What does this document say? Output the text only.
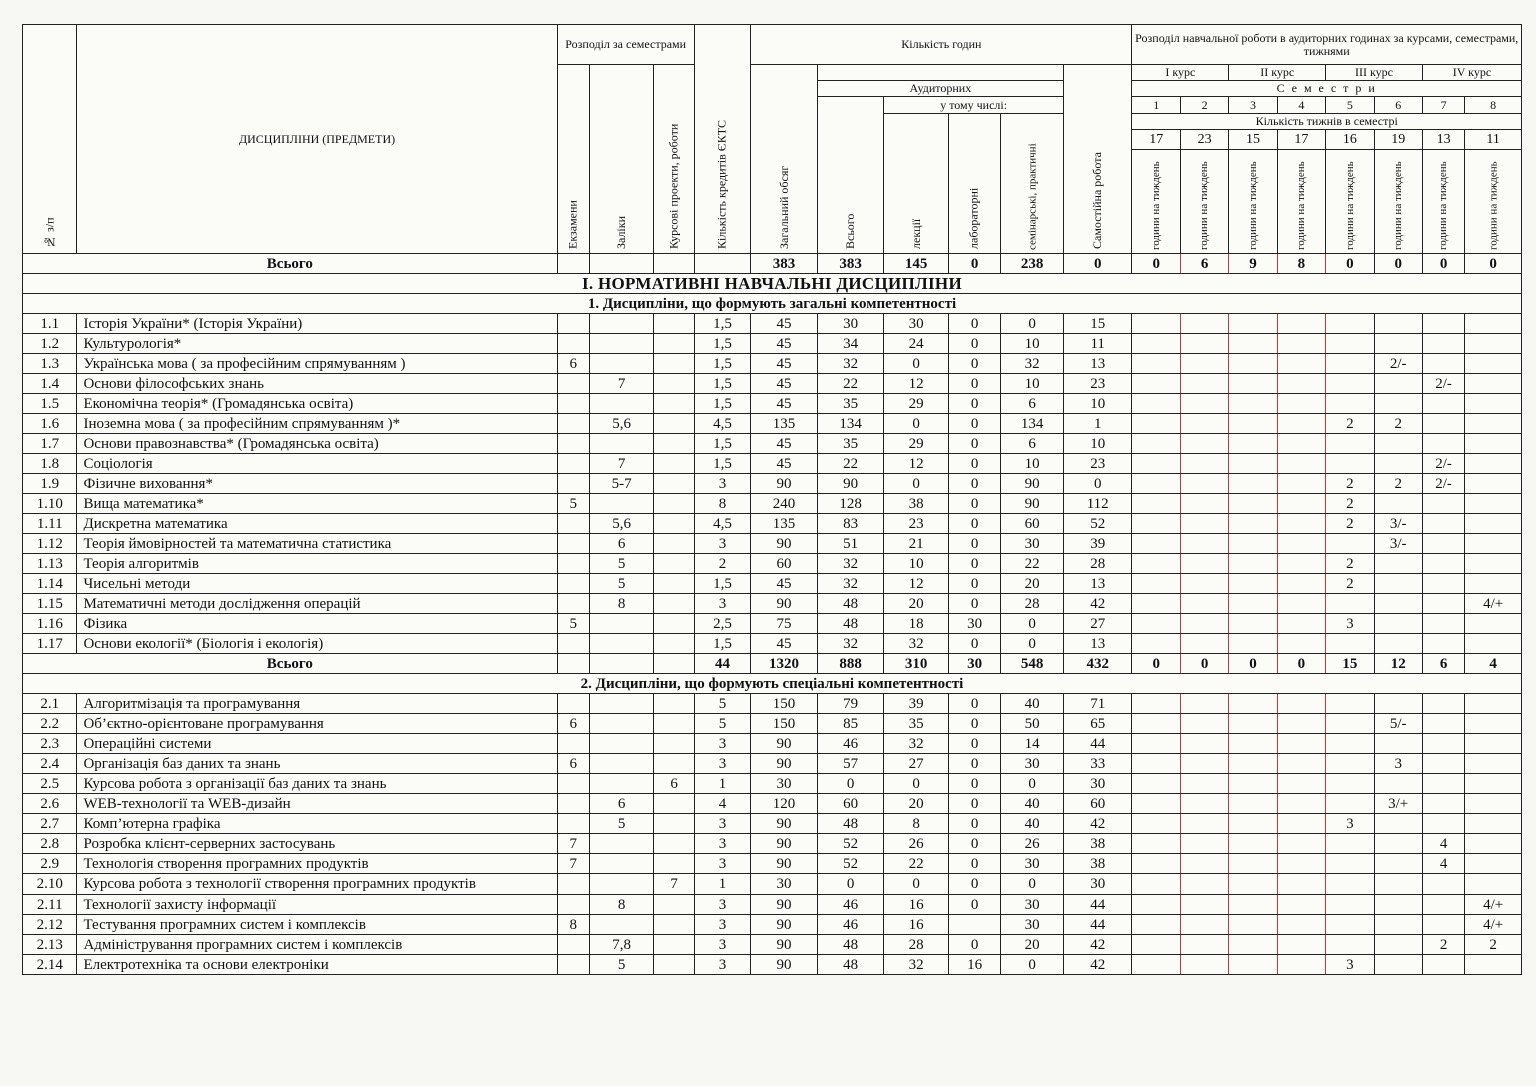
№ з/п	ДИСЦИПЛІНИ (ПРЕДМЕТИ)	Розподіл за семестрами			Кількість кредитів ЄКТС	Кількість годин						Розподіл навчальної роботи в аудиторних годинах за курсами, семестрами, тижнями							
		Екзамени	Заліки	Курсові проекти, роботи		Загальний обсяг					Самостійна робота	І курс		ІІ курс		ІІІ курс		IV курс	
							Аудиторних					С е м е с т р и							
							Всього	у тому числі:				1	2	3	4	5	6	7	8
								лекції	лабораторні	семінарські, практичні		Кількість тижнів в семестрі							
												17	23	15	17	16	19	13	11
												години на тиждень	години на тиждень	години на тиждень	години на тиждень	години на тиждень	години на тиждень	години на тиждень	години на тиждень
Всього						383	383	145	0	238	0	0	6	9	8	0	0	0	0
І. НОРМАТИВНІ НАВЧАЛЬНІ ДИСЦИПЛІНИ																			
1. Дисципліни, що формують загальні компетентності																			
1.1	Історія України* (Історія України)				1,5	45	30	30	0	0	15								
1.2	Культурологія*				1,5	45	34	24	0	10	11								
1.3	Українська мова ( за професійним спрямуванням )	6			1,5	45	32	0	0	32	13						2/-		
1.4	Основи філософських знань		7		1,5	45	22	12	0	10	23							2/-	
1.5	Економічна теорія* (Громадянська освіта)				1,5	45	35	29	0	6	10								
1.6	Іноземна мова ( за професійним спрямуванням )*		5,6		4,5	135	134	0	0	134	1					2	2		
1.7	Основи правознавства* (Громадянська освіта)				1,5	45	35	29	0	6	10								
1.8	Соціологія		7		1,5	45	22	12	0	10	23							2/-	
1.9	Фізичне виховання*		5-7		3	90	90	0	0	90	0					2	2	2/-	
1.10	Вища математика*	5			8	240	128	38	0	90	112					2			
1.11	Дискретна математика		5,6		4,5	135	83	23	0	60	52					2	3/-		
1.12	Теорія ймовірностей та математична статистика		6		3	90	51	21	0	30	39						3/-		
1.13	Теорія алгоритмів		5		2	60	32	10	0	22	28					2			
1.14	Чисельні методи		5		1,5	45	32	12	0	20	13					2			
1.15	Математичні методи дослідження операцій		8		3	90	48	20	0	28	42								4/+
1.16	Фізика	5			2,5	75	48	18	30	0	27					3			
1.17	Основи екології* (Біологія і екологія)				1,5	45	32	32	0	0	13								
Всього					44	1320	888	310	30	548	432	0	0	0	0	15	12	6	4
2. Дисципліни, що формують спеціальні компетентності																			
2.1	Алгоритмізація та програмування				5	150	79	39	0	40	71								
2.2	Об’єктно-орієнтоване програмування	6			5	150	85	35	0	50	65						5/-		
2.3	Операційні системи				3	90	46	32	0	14	44								
2.4	Організація баз даних та знань	6			3	90	57	27	0	30	33						3		
2.5	Курсова робота з організації баз даних та знань			6	1	30	0	0	0	0	30								
2.6	WEB-технології та WEB-дизайн		6		4	120	60	20	0	40	60						3/+		
2.7	Комп’ютерна графіка		5		3	90	48	8	0	40	42					3			
2.8	Розробка клієнт-серверних застосувань	7			3	90	52	26	0	26	38							4	
2.9	Технологія створення програмних продуктів	7			3	90	52	22	0	30	38							4	
2.10	Курсова робота з технології створення програмних продуктів			7	1	30	0	0	0	0	30								
2.11	Технології захисту інформації		8		3	90	46	16	0	30	44								4/+
2.12	Тестування програмних систем і комплексів	8			3	90	46	16		30	44								4/+
2.13	Адміністрування програмних систем і комплексів		7,8		3	90	48	28	0	20	42							2	2
2.14	Електротехніка та основи електроніки		5		3	90	48	32	16	0	42					3			
